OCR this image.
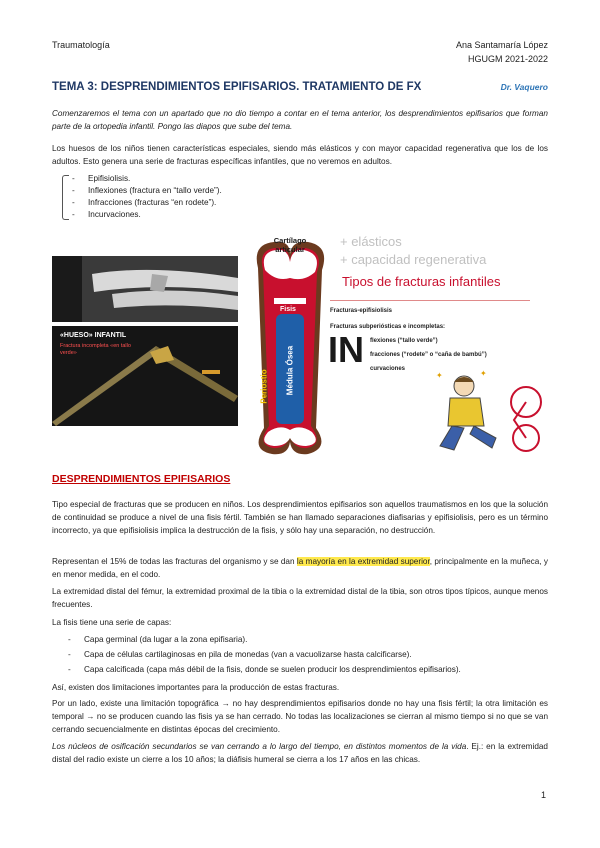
Traumatología	Ana Santamaría López
HGUGM 2021-2022
TEMA 3: DESPRENDIMIENTOS EPIFISARIOS. TRATAMIENTO DE FX	Dr. Vaquero
Comenzaremos el tema con un apartado que no dio tiempo a contar en el tema anterior, los desprendimientos epifisarios que forman parte de la ortopedia infantil. Pongo las diapos que sube del tema.
Los huesos de los niños tienen características especiales, siendo más elásticos y con mayor capacidad regenerativa que los de los adultos. Esto genera una serie de fracturas específicas infantiles, que no veremos en adultos.
- Epifisiolisis.
- Inflexiones (fractura en “tallo verde”).
- Infracciones (fracturas “en rodete”).
- Incurvaciones.
«HUESO» INFANTIL
Fractura incompleta «en tallo verde»
Cartílago articular
Fisis
Periostio Médula Ósea
+ elásticos
+ capacidad regenerativa
Tipos de fracturas infantiles
Fracturas-epifisiolisis
Fracturas subperiósticas e incompletas:
IN flexiones (“tallo verde”)
fracciones (“rodete” o “caña de bambú”)
curvaciones
✦	✦
DESPRENDIMIENTOS EPIFISARIOS
Tipo especial de fracturas que se producen en niños. Los desprendimientos epifisarios son aquellos traumatismos en los que la solución de continuidad se produce a nivel de una fisis fértil. También se han llamado separaciones diafisarias y epifisiolisis, pero es un término incorrecto, ya que epifisiolisis implica la destrucción de la fisis, y sólo hay una separación, no destrucción.
Representan el 15% de todas las fracturas del organismo y se dan la mayoría en la extremidad superior, principalmente en la muñeca, y en menor medida, en el codo.
La extremidad distal del fémur, la extremidad proximal de la tibia o la extremidad distal de la tibia, son otros tipos típicos, aunque menos frecuentes.
La fisis tiene una serie de capas:
- Capa germinal (da lugar a la zona epifisaria).
- Capa de células cartilaginosas en pila de monedas (van a vacuolizarse hasta calcificarse).
- Capa calcificada (capa más débil de la fisis, donde se suelen producir los desprendimientos epifisarios).
Así, existen dos limitaciones importantes para la producción de estas fracturas.
Por un lado, existe una limitación topográfica → no hay desprendimientos epifisarios donde no hay una fisis fértil; la otra limitación es temporal → no se producen cuando las fisis ya se han cerrado. No todas las localizaciones se cierran al mismo tiempo si no que se van cerrando secuencialmente en distintas épocas del crecimiento.
Los núcleos de osificación secundarios se van cerrando a lo largo del tiempo, en distintos momentos de la vida. Ej.: en la extremidad distal del radio existe un cierre a los 10 años; la diáfisis humeral se cierra a los 17 años en las chicas.
1
